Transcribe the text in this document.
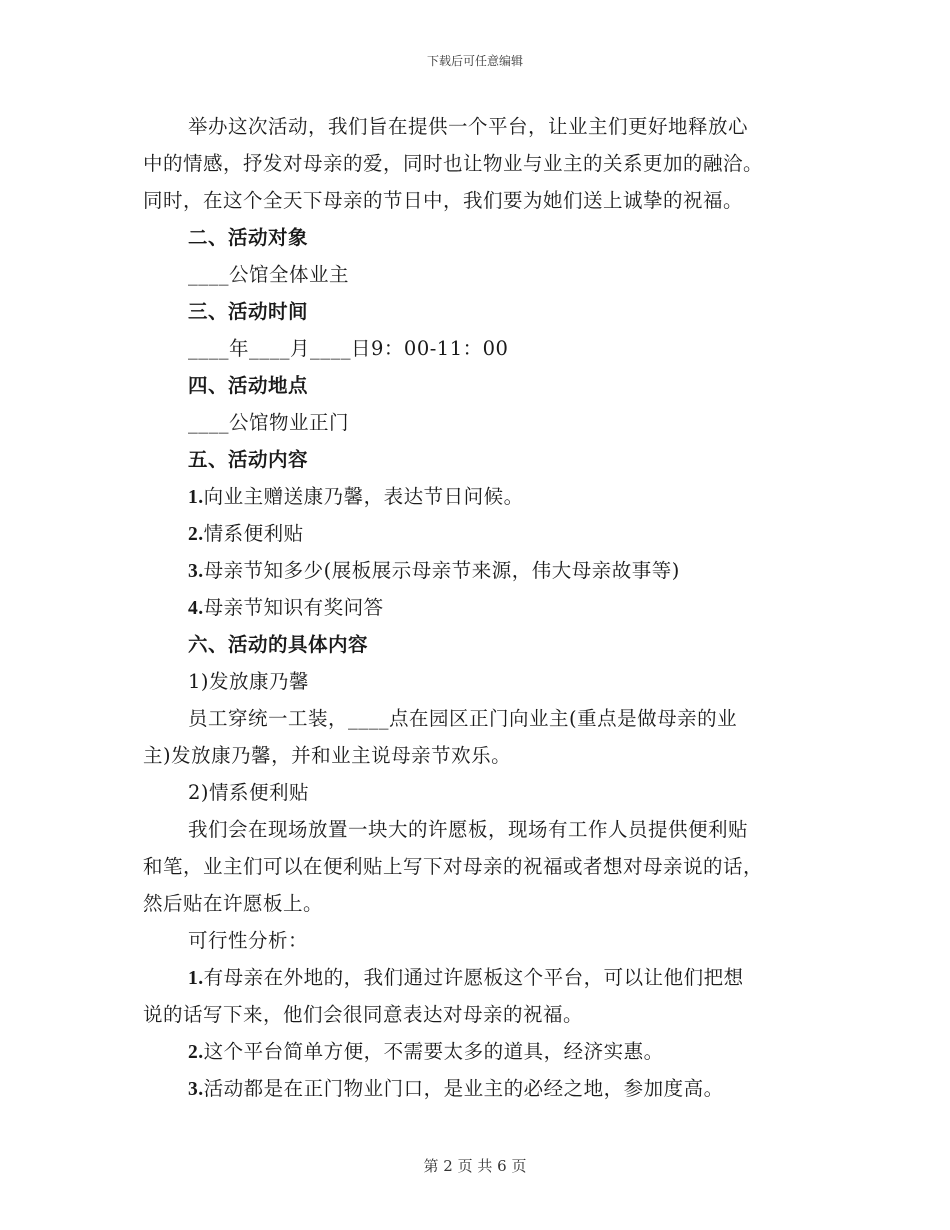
下载后可任意编辑
举办这次活动，我们旨在提供一个平台，让业主们更好地释放心
中的情感，抒发对母亲的爱，同时也让物业与业主的关系更加的融洽。
同时，在这个全天下母亲的节日中，我们要为她们送上诚挚的祝福。
二、活动对象
____公馆全体业主
三、活动时间
____年____月____日9：00-11：00
四、活动地点
____公馆物业正门
五、活动内容
1.向业主赠送康乃馨，表达节日问候。
2.情系便利贴
3.母亲节知多少(展板展示母亲节来源，伟大母亲故事等)
4.母亲节知识有奖问答
六、活动的具体内容
1)发放康乃馨
员工穿统一工装，____点在园区正门向业主(重点是做母亲的业
主)发放康乃馨，并和业主说母亲节欢乐。
2)情系便利贴
我们会在现场放置一块大的许愿板，现场有工作人员提供便利贴
和笔，业主们可以在便利贴上写下对母亲的祝福或者想对母亲说的话，
然后贴在许愿板上。
可行性分析：
1.有母亲在外地的，我们通过许愿板这个平台，可以让他们把想
说的话写下来，他们会很同意表达对母亲的祝福。
2.这个平台简单方便，不需要太多的道具，经济实惠。
3.活动都是在正门物业门口，是业主的必经之地，参加度高。
第 2 页 共 6 页
